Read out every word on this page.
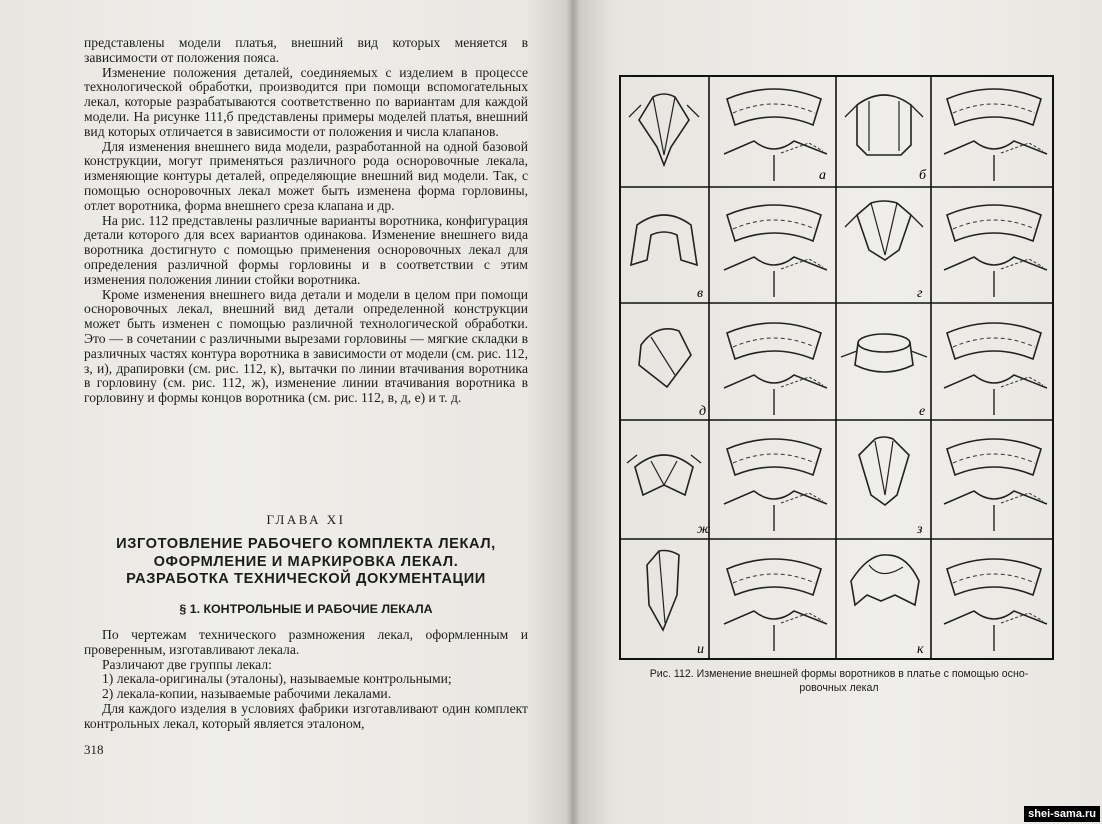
представлены модели платья, внешний вид которых меняется в зависимости от положения пояса.

Изменение положения деталей, соединяемых с изделием в процессе технологической обработки, производится при помощи вспомогательных лекал, которые разрабатываются соответственно по вариантам для каждой модели. На рисунке 111,б представлены примеры моделей платья, внешний вид которых отличается в зависимости от положения и числа клапанов.

Для изменения внешнего вида модели, разработанной на одной базовой конструкции, могут применяться различного рода осноровочные лекала, изменяющие контуры деталей, определяющие внешний вид модели. Так, с помощью осноровочных лекал может быть изменена форма горловины, отлет воротника, форма внешнего среза клапана и др.

На рис. 112 представлены различные варианты воротника, конфигурация детали которого для всех вариантов одинакова. Изменение внешнего вида воротника достигнуто с помощью применения осноровочных лекал для определения различной формы горловины и в соответствии с этим изменения положения линии стойки воротника.

Кроме изменения внешнего вида детали и модели в целом при помощи осноровочных лекал, внешний вид детали определенной конструкции может быть изменен с помощью различной технологической обработки. Это — в сочетании с различными вырезами горловины — мягкие складки в различных частях контура воротника в зависимости от модели (см. рис. 112, з, и), драпировки (см. рис. 112, к), вытачки по линии втачивания воротника в горловину (см. рис. 112, ж), изменение линии втачивания воротника в горловину и формы концов воротника (см. рис. 112, в, д, е) и т. д.

ГЛАВА XI
ИЗГОТОВЛЕНИЕ РАБОЧЕГО КОМПЛЕКТА ЛЕКАЛ,
ОФОРМЛЕНИЕ И МАРКИРОВКА ЛЕКАЛ.
РАЗРАБОТКА ТЕХНИЧЕСКОЙ ДОКУМЕНТАЦИИ
§ 1. КОНТРОЛЬНЫЕ И РАБОЧИЕ ЛЕКАЛА

По чертежам технического размножения лекал, оформленным и проверенным, изготавливают лекала.

Различают две группы лекал:

1) лекала-оригиналы (эталоны), называемые контрольными;

2) лекала-копии, называемые рабочими лекалами.

Для каждого изделия в условиях фабрики изготавливают один комплект контрольных лекал, который является эталоном,

318
а	б
в	г
д	е
ж	з
и	к
Рис. 112. Изменение внешней формы воротников в платье с помощью осно-
ровочных лекал
shei-sama.ru
